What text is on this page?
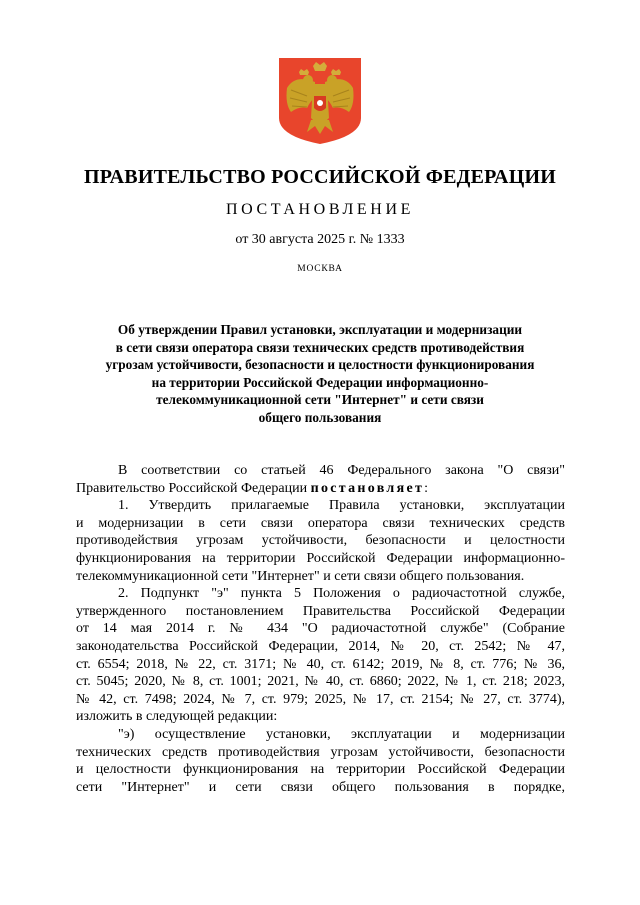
ПРАВИТЕЛЬСТВО РОССИЙСКОЙ ФЕДЕРАЦИИ
ПОСТАНОВЛЕНИЕ
от 30 августа 2025 г. № 1333
МОСКВА
Об утверждении Правил установки, эксплуатации и модернизации
в сети связи оператора связи технических средств противодействия
угрозам устойчивости, безопасности и целостности функционирования
на территории Российской Федерации информационно-
телекоммуникационной сети "Интернет" и сети связи
общего пользования
В соответствии со статьей 46 Федерального закона "О связи"
Правительство Российской Федерации постановляет:
1. Утвердить прилагаемые Правила установки, эксплуатации
и модернизации в сети связи оператора связи технических средств
противодействия угрозам устойчивости, безопасности и целостности
функционирования на территории Российской Федерации информационно-
телекоммуникационной сети "Интернет" и сети связи общего пользования.
2. Подпункт "э" пункта 5 Положения о радиочастотной службе,
утвержденного постановлением Правительства Российской Федерации
от 14 мая 2014 г. № 434 "О радиочастотной службе" (Собрание
законодательства Российской Федерации, 2014, № 20, ст. 2542; № 47,
ст. 6554; 2018, № 22, ст. 3171; № 40, ст. 6142; 2019, № 8, ст. 776; № 36,
ст. 5045; 2020, № 8, ст. 1001; 2021, № 40, ст. 6860; 2022, № 1, ст. 218; 2023,
№ 42, ст. 7498; 2024, № 7, ст. 979; 2025, № 17, ст. 2154; № 27, ст. 3774),
изложить в следующей редакции:
"э) осуществление установки, эксплуатации и модернизации
технических средств противодействия угрозам устойчивости, безопасности
и целостности функционирования на территории Российской Федерации
сети "Интернет" и сети связи общего пользования в порядке,
